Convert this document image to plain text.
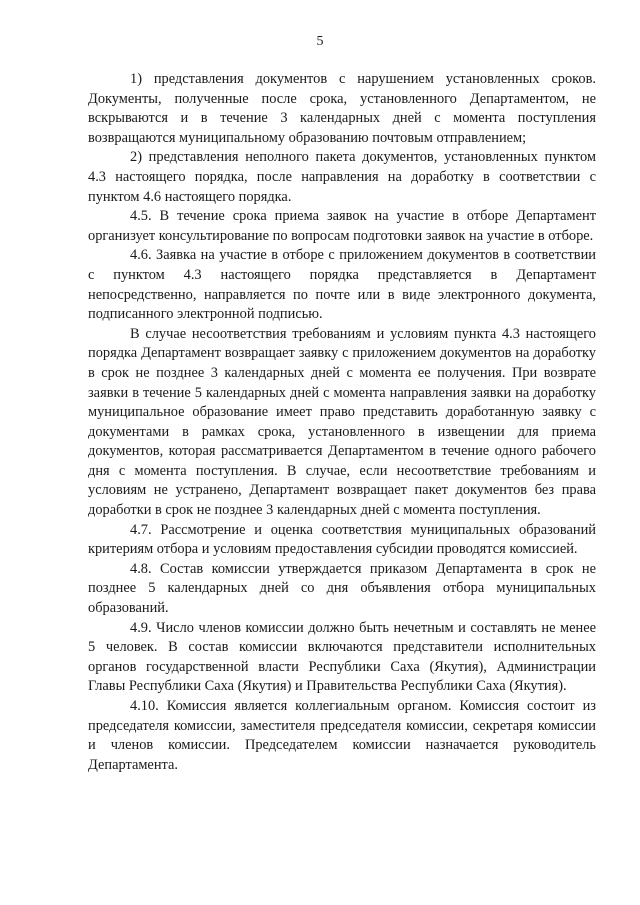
5

1) представления документов с нарушением установленных сроков. Документы, полученные после срока, установленного Департаментом, не вскрываются и в течение 3 календарных дней с момента поступления возвращаются муниципальному образованию почтовым отправлением;

2) представления неполного пакета документов, установленных пунктом 4.3 настоящего порядка, после направления на доработку в соответствии с пунктом 4.6 настоящего порядка.

4.5. В течение срока приема заявок на участие в отборе Департамент организует консультирование по вопросам подготовки заявок на участие в отборе.

4.6. Заявка на участие в отборе с приложением документов в соответствии с пунктом 4.3 настоящего порядка представляется в Департамент непосредственно, направляется по почте или в виде электронного документа, подписанного электронной подписью.

В случае несоответствия требованиям и условиям пункта 4.3 настоящего порядка Департамент возвращает заявку с приложением документов на доработку в срок не позднее 3 календарных дней с момента ее получения. При возврате заявки в течение 5 календарных дней с момента направления заявки на доработку муниципальное образование имеет право представить доработанную заявку с документами в рамках срока, установленного в извещении для приема документов, которая рассматривается Департаментом в течение одного рабочего дня с момента поступления. В случае, если несоответствие требованиям и условиям не устранено, Департамент возвращает пакет документов без права доработки в срок не позднее 3 календарных дней с момента поступления.

4.7. Рассмотрение и оценка соответствия муниципальных образований критериям отбора и условиям предоставления субсидии проводятся комиссией.

4.8. Состав комиссии утверждается приказом Департамента в срок не позднее 5 календарных дней со дня объявления отбора муниципальных образований.

4.9. Число членов комиссии должно быть нечетным и составлять не менее 5 человек. В состав комиссии включаются представители исполнительных органов государственной власти Республики Саха (Якутия), Администрации Главы Республики Саха (Якутия) и Правительства Республики Саха (Якутия).

4.10. Комиссия является коллегиальным органом. Комиссия состоит из председателя комиссии, заместителя председателя комиссии, секретаря комиссии и членов комиссии. Председателем комиссии назначается руководитель Департамента.
